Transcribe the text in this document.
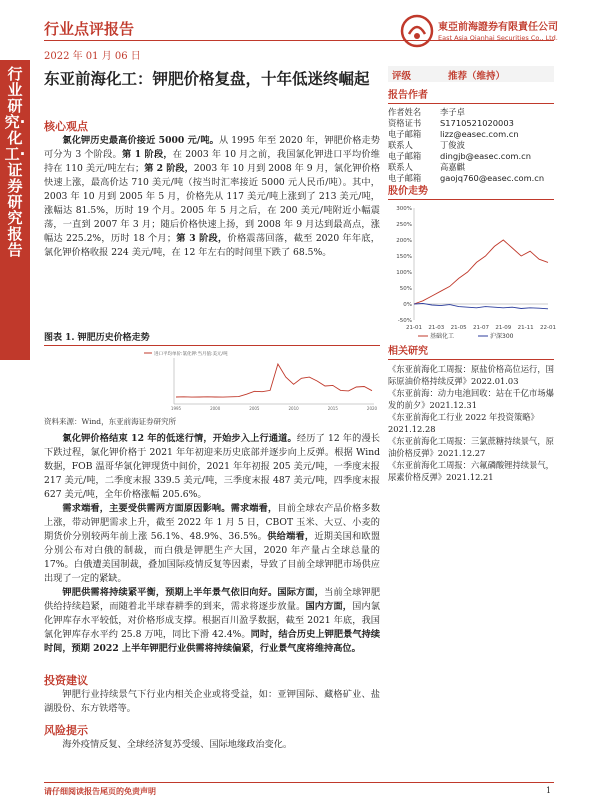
行业点评报告
2022 年 01 月 06 日
東亞前海證券有限責任公司
East Asia Qianhai Securities Co., Ltd.
行业研究·化工·证券研究报告
东亚前海化工：钾肥价格复盘，十年低迷终崛起
核心观点
氯化钾历史最高价接近 5000 元/吨。从 1995 年至 2020 年，钾肥价格走势可分为 3 个阶段。第 1 阶段，在 2003 年 10 月之前，我国氯化钾进口平均价维持在 110 美元/吨左右；第 2 阶段，2003 年 10 月到 2008 年 9 月，氯化钾价格快速上涨，最高价达 710 美元/吨（按当时汇率接近 5000 元人民币/吨）。其中，2003 年 10 月到 2005 年 5 月，价格先从 117 美元/吨上涨到了 213 美元/吨，涨幅达 81.5%，历时 19 个月。2005 年 5 月之后，在 200 美元/吨附近小幅震荡，一直到 2007 年 3 月；随后价格快速上扬，到 2008 年 9 月达到最高点，涨幅达 225.2%，历时 18 个月；第 3 阶段，价格震荡回落，截至 2020 年年底，氯化钾价格收报 224 美元/吨，在 12 年左右的时间里下跌了 68.5%。
图表 1. 钾肥历史价格走势
进口平均单价:氯化钾:当月值:美元/吨
1995	2000	2005	2010	2015	2020
资料来源：Wind，东亚前海证券研究所
氯化钾价格结束 12 年的低迷行情，开始步入上行通道。经历了 12 年的漫长下跌过程，氯化钾价格于 2021 年年初迎来历史底部并逐步向上反弹。根据 Wind 数据，FOB 温哥华氯化钾现货中间价，2021 年年初报 205 美元/吨，一季度末报 217 美元/吨，二季度末报 339.5 美元/吨，三季度末报 487 美元/吨，四季度末报 627 美元/吨，全年价格涨幅 205.6%。
需求端看，主要受供需两方面原因影响。需求端看，目前全球农产品价格多数上涨，带动钾肥需求上升，截至 2022 年 1 月 5 日，CBOT 玉米、大豆、小麦的期货价分别较两年前上涨 56.1%、48.9%、36.5%。供给端看，近期美国和欧盟分别公布对白俄的制裁，而白俄是钾肥生产大国，2020 年产量占全球总量的 17%。白俄遭美国制裁，叠加国际疫情反复等因素，导致了目前全球钾肥市场供应出现了一定的紧缺。
钾肥供需将持续紧平衡，预期上半年景气依旧向好。国际方面，当前全球钾肥供给持续趋紧，而随着北半球春耕季的到来，需求将逐步放量。国内方面，国内氯化钾库存水平较低，对价格形成支撑。根据百川盈孚数据，截至 2021 年底，我国氯化钾库存水平约 25.8 万吨，同比下滑 42.4%。同时，结合历史上钾肥景气持续时间，预期 2022 上半年钾肥行业供需将持续偏紧，行业景气度将维持高位。
投资建议
钾肥行业持续景气下行业内相关企业或将受益，如：亚钾国际、藏格矿业、盐湖股份、东方铁塔等。
风险提示
海外疫情反复、全球经济复苏受缓、国际地缘政治变化。
评级	推荐（维持）
报告作者
作者姓名	李子卓
资格证书	S1710521020003
电子邮箱	lizz@easec.com.cn
联系人	丁俊波
电子邮箱	dingjb@easec.com.cn
联系人	高嘉麒
电子邮箱	gaojq760@easec.com.cn
股价走势
300%
250%
200%
150%
100%
50%
0%
-50%
21-01 21-03 21-05 21-07 21-09 21-11 22-01
基础化工	沪深300
相关研究
《东亚前海化工周报：原盐价格高位运行，国际原油价格持续反弹》2022.01.03
《东亚前海：动力电池回收：站在千亿市场爆发的前夕》2021.12.31
《东亚前海化工行业 2022 年投资策略》2021.12.28
《东亚前海化工周报：三氯蔗糖持续景气，原油价格反弹》2021.12.27
《东亚前海化工周报：六氟磷酸锂持续景气，尿素价格反弹》2021.12.21
请仔细阅读报告尾页的免责声明	1
